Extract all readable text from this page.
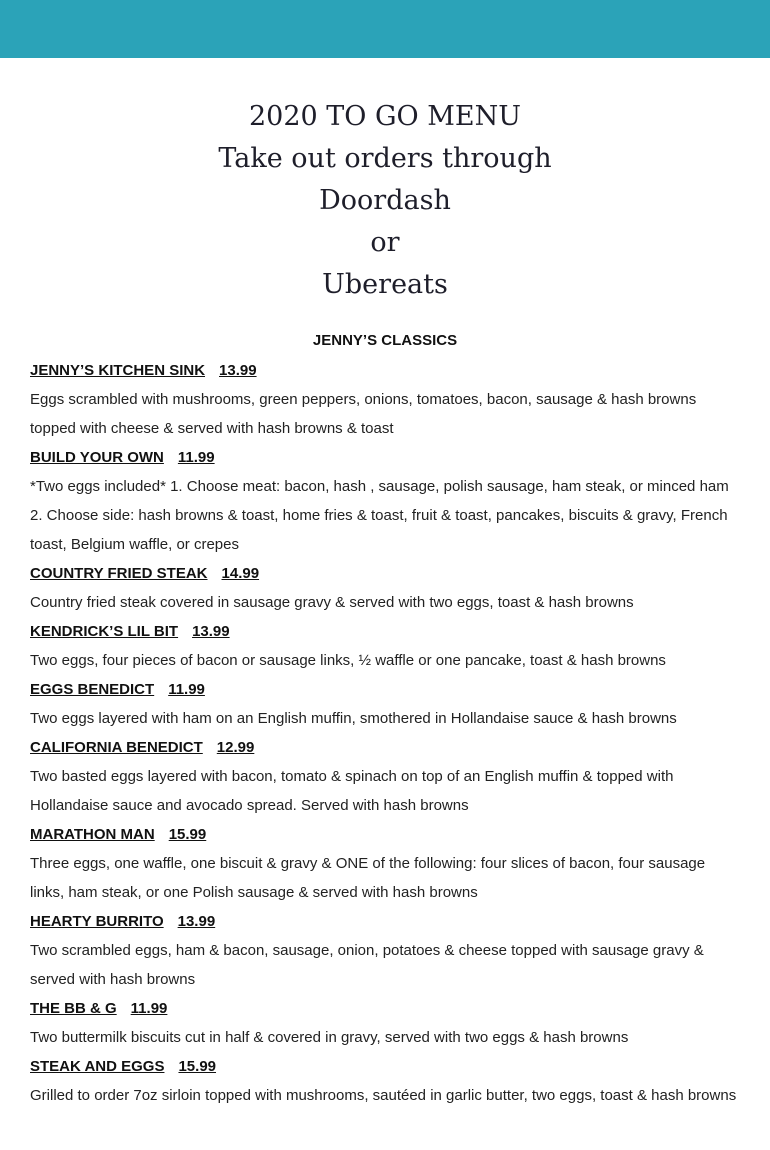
2020 TO GO MENU
Take out orders through
Doordash
or
Ubereats
JENNY’S CLASSICS
JENNY’S KITCHEN SINK 13.99
Eggs scrambled with mushrooms, green peppers, onions, tomatoes, bacon, sausage & hash browns topped with cheese & served with hash browns & toast
BUILD YOUR OWN 11.99
*Two eggs included* 1. Choose meat: bacon, hash , sausage, polish sausage, ham steak, or minced ham 2. Choose side: hash browns & toast, home fries & toast, fruit & toast, pancakes, biscuits & gravy, French toast, Belgium waffle, or crepes
COUNTRY FRIED STEAK 14.99
Country fried steak covered in sausage gravy & served with two eggs, toast & hash browns
KENDRICK’S LIL BIT 13.99
Two eggs, four pieces of bacon or sausage links, ½ waffle or one pancake, toast & hash browns
EGGS BENEDICT 11.99
Two eggs layered with ham on an English muffin, smothered in Hollandaise sauce & hash browns
CALIFORNIA BENEDICT 12.99
Two basted eggs layered with bacon, tomato & spinach on top of an English muffin & topped with Hollandaise sauce and avocado spread. Served with hash browns
MARATHON MAN 15.99
Three eggs, one waffle, one biscuit & gravy & ONE of the following: four slices of bacon, four sausage links, ham steak, or one Polish sausage & served with hash browns
HEARTY BURRITO 13.99
Two scrambled eggs, ham & bacon, sausage, onion, potatoes & cheese topped with sausage gravy & served with hash browns
THE BB & G 11.99
Two buttermilk biscuits cut in half & covered in gravy, served with two eggs & hash browns
STEAK AND EGGS 15.99
Grilled to order 7oz sirloin topped with mushrooms, sautéed in garlic butter, two eggs, toast & hash browns
